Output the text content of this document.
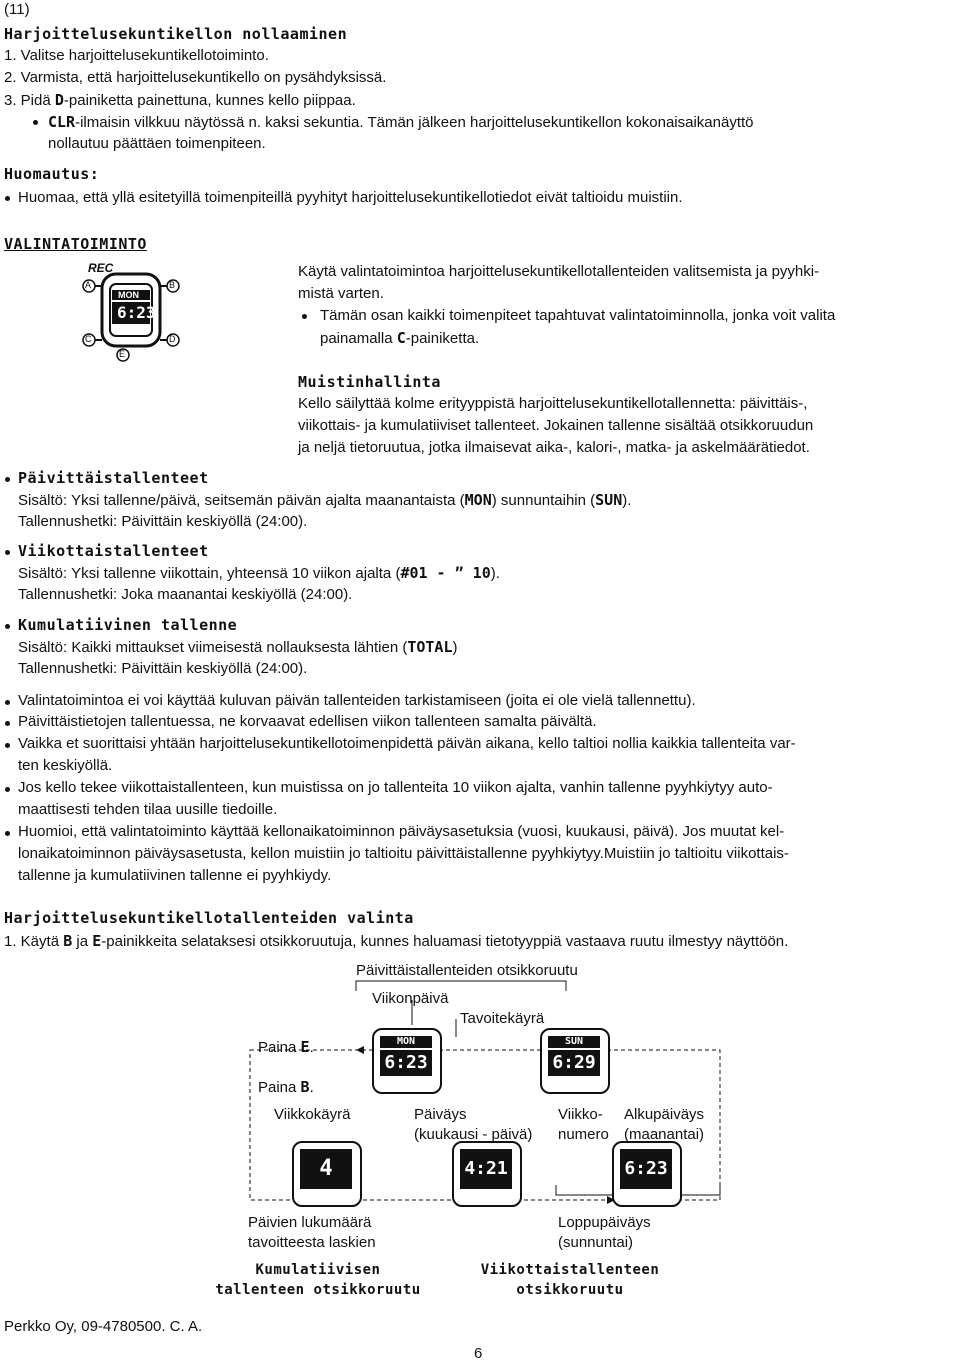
(11)
Harjoittelusekuntikellon nollaaminen
1. Valitse harjoittelusekuntikellotoiminto.
2. Varmista, että harjoittelusekuntikello on pysähdyksissä.
3. Pidä D-painiketta painettuna, kunnes kello piippaa.
CLR-ilmaisin vilkkuu näytössä n. kaksi sekuntia. Tämän jälkeen harjoittelusekuntikellon kokonaisaikanäyttö
nollautuu päättäen toimenpiteen.
Huomautus:
Huomaa, että yllä esitetyillä toimenpiteillä pyyhityt harjoittelusekuntikellotiedot eivät taltioidu muistiin.
VALINTATOIMINTO
REC
MON
6:23
A	B
C	D
E
Käytä valintatoimintoa harjoittelusekuntikellotallenteiden valitsemista ja pyyhki-
mistä varten.
Tämän osan kaikki toimenpiteet tapahtuvat valintatoiminnolla, jonka voit valita
painamalla C-painiketta.
Muistinhallinta
Kello säilyttää kolme erityyppistä harjoittelusekuntikellotallennetta: päivittäis-,
viikottais- ja kumulatiiviset tallenteet. Jokainen tallenne sisältää otsikkoruudun
ja neljä tietoruutua, jotka ilmaisevat aika-, kalori-, matka- ja askelmäärätiedot.
Päivittäistallenteet
Sisältö: Yksi tallenne/päivä, seitsemän päivän ajalta maanantaista (MON) sunnuntaihin (SUN).
Tallennushetki: Päivittäin keskiyöllä (24:00).
Viikottaistallenteet
Sisältö: Yksi tallenne viikottain, yhteensä 10 viikon ajalta (#01 - ” 10).
Tallennushetki: Joka maanantai keskiyöllä (24:00).
Kumulatiivinen tallenne
Sisältö: Kaikki mittaukset viimeisestä nollauksesta lähtien (TOTAL)
Tallennushetki: Päivittäin keskiyöllä (24:00).
Valintatoimintoa ei voi käyttää kuluvan päivän tallenteiden tarkistamiseen (joita ei ole vielä tallennettu).
Päivittäistietojen tallentuessa, ne korvaavat edellisen viikon tallenteen samalta päivältä.
Vaikka et suorittaisi yhtään harjoittelusekuntikellotoimenpidettä päivän aikana, kello taltioi nollia kaikkia tallenteita var-
ten keskiyöllä.
Jos kello tekee viikottaistallenteen, kun muistissa on jo tallenteita 10 viikon ajalta, vanhin tallenne pyyhkiytyy auto-
maattisesti tehden tilaa uusille tiedoille.
Huomioi, että valintatoiminto käyttää kellonaikatoiminnon päiväysasetuksia (vuosi, kuukausi, päivä). Jos muutat kel-
lonaikatoiminnon päiväysasetusta, kellon muistiin jo taltioitu päivittäistallenne pyyhkiytyy.Muistiin jo taltioitu viikottais-
tallenne ja kumulatiivinen tallenne ei pyyhkiydy.
Harjoittelusekuntikellotallenteiden valinta
1. Käytä B ja E-painikkeita selataksesi otsikkoruutuja, kunnes haluamasi tietotyyppiä vastaava ruutu ilmestyy näyttöön.
MON
6:23
SUN
6:29
4	4:21	6:23
Päivittäistallenteiden otsikkoruutu
Viikonpäivä
Tavoitekäyrä
Paina E.
Paina B.
Viikkokäyrä	Päiväys
(kuukausi - päivä)
Viikko-
numero
Alkupäiväys
(maanantai)
Päivien lukumäärä
tavoitteesta laskien
Loppupäiväys
(sunnuntai)
Kumulatiivisen
tallenteen otsikkoruutu
Viikottaistallenteen
otsikkoruutu
Perkko Oy, 09-4780500. C. A.
6
